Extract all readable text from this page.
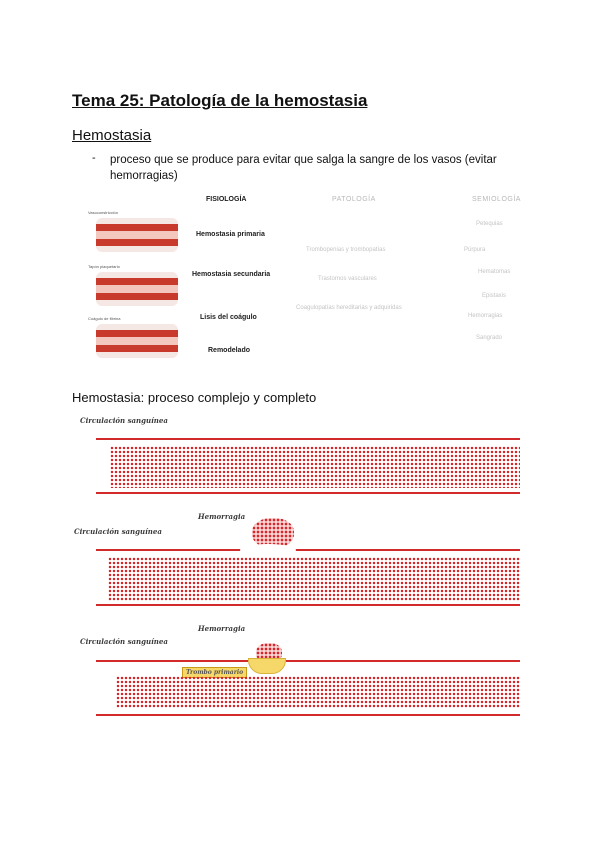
Tema 25: Patología de la hemostasia
Hemostasia
- proceso que se produce para evitar que salga la sangre de los vasos (evitar hemorragias)
Vasoconstricción
Tapón plaquetario
Coágulo de fibrina
FISIOLOGÍA
Hemostasia primaria
Hemostasia secundaria
Lisis del coágulo
Remodelado
PATOLOGÍA
Trombopenias y trombopatías
Trastornos vasculares
Coagulopatías hereditarias y adquiridas
SEMIOLOGÍA
Petequias
Púrpura
Hematomas
Epistaxis
Hemorragias
Sangrado
Hemostasia: proceso complejo y completo
Circulación sanguínea
Hemorragia
Circulación sanguínea
Hemorragia
Circulación sanguínea
Trombo primario
